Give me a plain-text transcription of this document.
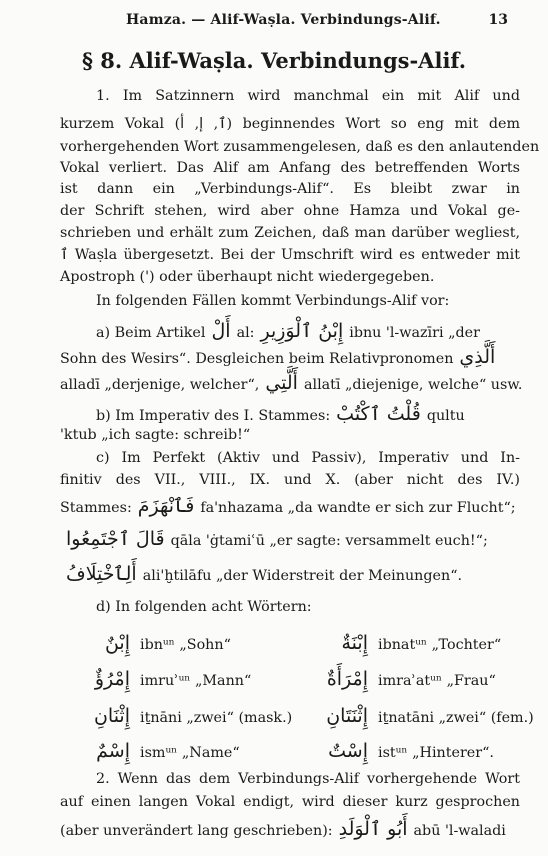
Hamza. — Alif-Waṣla. Verbindungs-Alif.	13
§ 8. Alif-Waṣla. Verbindungs-Alif.
1. Im Satzinnern wird manchmal ein mit Alif und
kurzem Vokal (ٱ, إ, أ) beginnendes Wort so eng mit dem
vorhergehenden Wort zusammengelesen, daß es den anlautenden
Vokal verliert. Das Alif am Anfang des betreffenden Worts
ist dann ein „Verbindungs-Alif“. Es bleibt zwar in
der Schrift stehen, wird aber ohne Hamza und Vokal ge-
schrieben und erhält zum Zeichen, daß man darüber wegliest,
ٱ Waṣla übergesetzt. Bei der Umschrift wird es entweder mit
Apostroph (') oder überhaupt nicht wiedergegeben.
In folgenden Fällen kommt Verbindungs-Alif vor:
a) Beim Artikel أَلْ al: إِبْنُ ٱلْوَزِيرِ ibnu 'l-wazīri „der
Sohn des Wesirs“. Desgleichen beim Relativpronomen أَلَّذِي
alladī „derjenige, welcher“, أَلَّتِي allatī „diejenige, welche“ usw.
b) Im Imperativ des I. Stammes: قُلْتُ ٱكْتُبْ qultu
'ktub „ich sagte: schreib!“
c) Im Perfekt (Aktiv und Passiv), Imperativ und In-
finitiv des VII., VIII., IX. und X. (aber nicht des IV.)
Stammes: فَٱنْهَزَمَ fa'nhazama „da wandte er sich zur Flucht“;
قَالَ ٱجْتَمِعُوا qāla 'ġtamiʿū „er sagte: versammelt euch!“;
أَلِٱخْتِلَافُ ali'ḫtilāfu „der Widerstreit der Meinungen“.
d) In folgenden acht Wörtern:
إِبْنٌ ibnᵘⁿ „Sohn“	إِبْنَةٌ ibnatᵘⁿ „Tochter“
إِمْرُؤٌ imruʾᵘⁿ „Mann“	إِمْرَأَةٌ imraʾatᵘⁿ „Frau“
إِثْنَانِ iṯnāni „zwei“ (mask.)	إِثْنَتَانِ iṯnatāni „zwei“ (fem.)
إِسْمٌ ismᵘⁿ „Name“	إِسْتٌ istᵘⁿ „Hinterer“.
2. Wenn das dem Verbindungs-Alif vorhergehende Wort
auf einen langen Vokal endigt, wird dieser kurz gesprochen
(aber unverändert lang geschrieben): أَبُو ٱلْوَلَدِ abū 'l-waladi
